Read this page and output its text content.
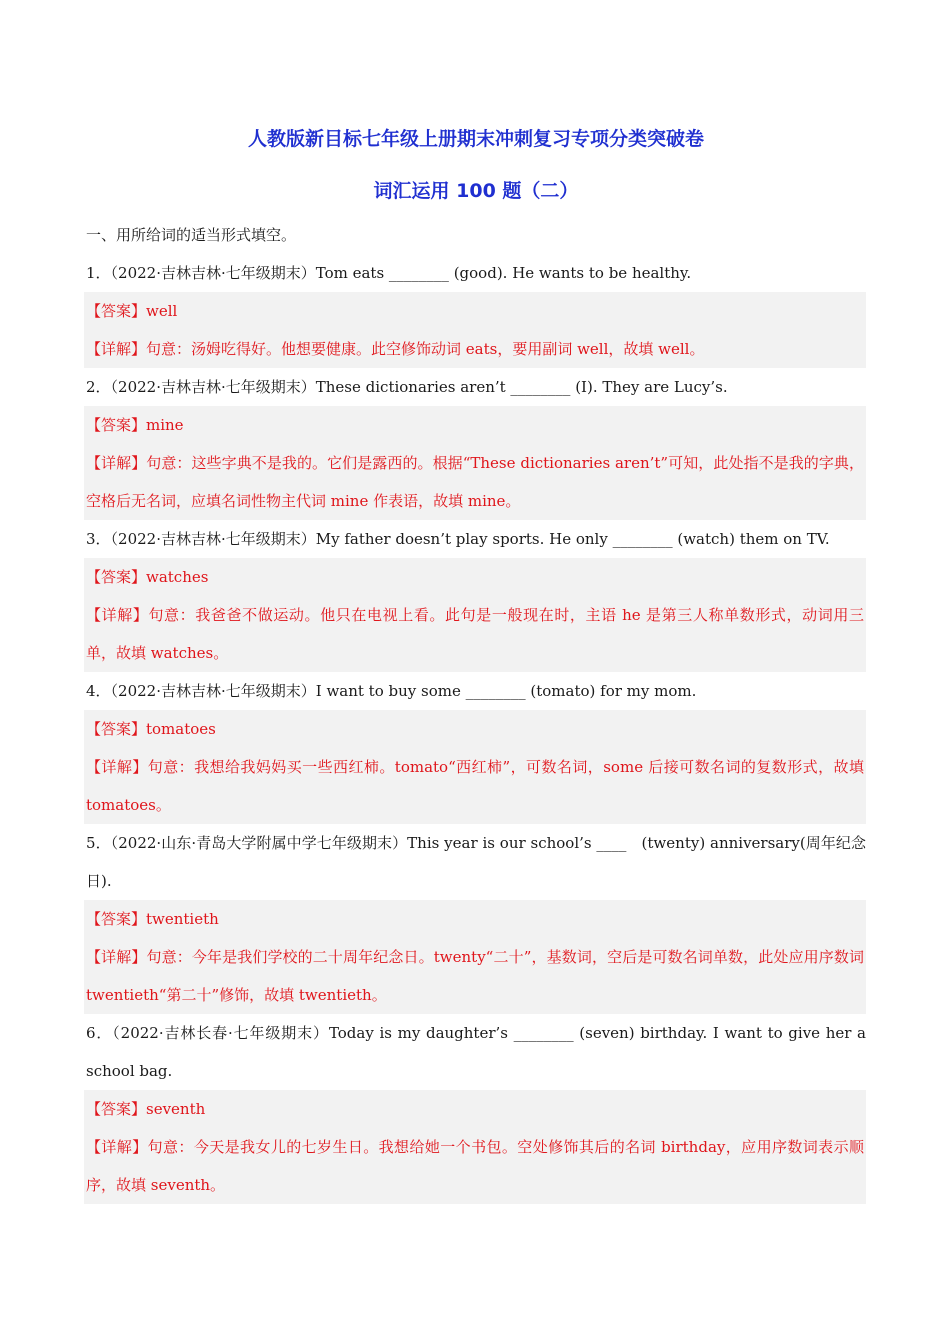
人教版新目标七年级上册期末冲刺复习专项分类突破卷
词汇运用 100 题（二）

一、用所给词的适当形式填空。

1．（2022·吉林吉林·七年级期末）Tom eats ________ (good). He wants to be healthy.

【答案】well

【详解】句意：汤姆吃得好。他想要健康。此空修饰动词 eats，要用副词 well，故填 well。

2．（2022·吉林吉林·七年级期末）These dictionaries aren’t ________ (I). They are Lucy’s.

【答案】mine

【详解】句意：这些字典不是我的。它们是露西的。根据“These dictionaries aren’t”可知，此处指不是我的字典，空格后无名词，应填名词性物主代词 mine 作表语，故填 mine。

3．（2022·吉林吉林·七年级期末）My father doesn’t play sports. He only ________ (watch) them on TV.

【答案】watches

【详解】句意：我爸爸不做运动。他只在电视上看。此句是一般现在时，主语 he 是第三人称单数形式，动词用三单，故填 watches。

4．（2022·吉林吉林·七年级期末）I want to buy some ________ (tomato) for my mom.

【答案】tomatoes

【详解】句意：我想给我妈妈买一些西红柿。tomato“西红柿”，可数名词，some 后接可数名词的复数形式，故填 tomatoes。

5．（2022·山东·青岛大学附属中学七年级期末）This year is our school’s ____　(twenty) anniversary(周年纪念日).

【答案】twentieth

【详解】句意：今年是我们学校的二十周年纪念日。twenty“二十”，基数词，空后是可数名词单数，此处应用序数词 twentieth“第二十”修饰，故填 twentieth。

6．（2022·吉林长春·七年级期末）Today is my daughter’s ________ (seven) birthday. I want to give her a school bag.

【答案】seventh

【详解】句意：今天是我女儿的七岁生日。我想给她一个书包。空处修饰其后的名词 birthday，应用序数词表示顺序，故填 seventh。
